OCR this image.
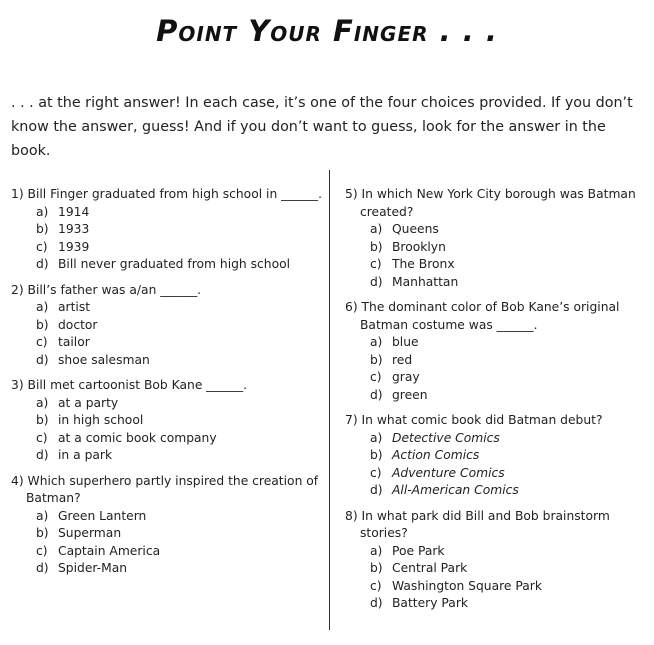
Point Your Finger . . .
. . . at the right answer! In each case, it’s one of the four choices provided. If you don’t know the answer, guess! And if you don’t want to guess, look for the answer in the book.
1) Bill Finger graduated from high school in ______.
a) 1914
b) 1933
c) 1939
d) Bill never graduated from high school
2) Bill’s father was a/an ______.
a) artist
b) doctor
c) tailor
d) shoe salesman
3) Bill met cartoonist Bob Kane ______.
a) at a party
b) in high school
c) at a comic book company
d) in a park
4) Which superhero partly inspired the creation of Batman?
a) Green Lantern
b) Superman
c) Captain America
d) Spider-Man
5) In which New York City borough was Batman created?
a) Queens
b) Brooklyn
c) The Bronx
d) Manhattan
6) The dominant color of Bob Kane’s original Batman costume was ______.
a) blue
b) red
c) gray
d) green
7) In what comic book did Batman debut?
a) Detective Comics
b) Action Comics
c) Adventure Comics
d) All-American Comics
8) In what park did Bill and Bob brainstorm stories?
a) Poe Park
b) Central Park
c) Washington Square Park
d) Battery Park
